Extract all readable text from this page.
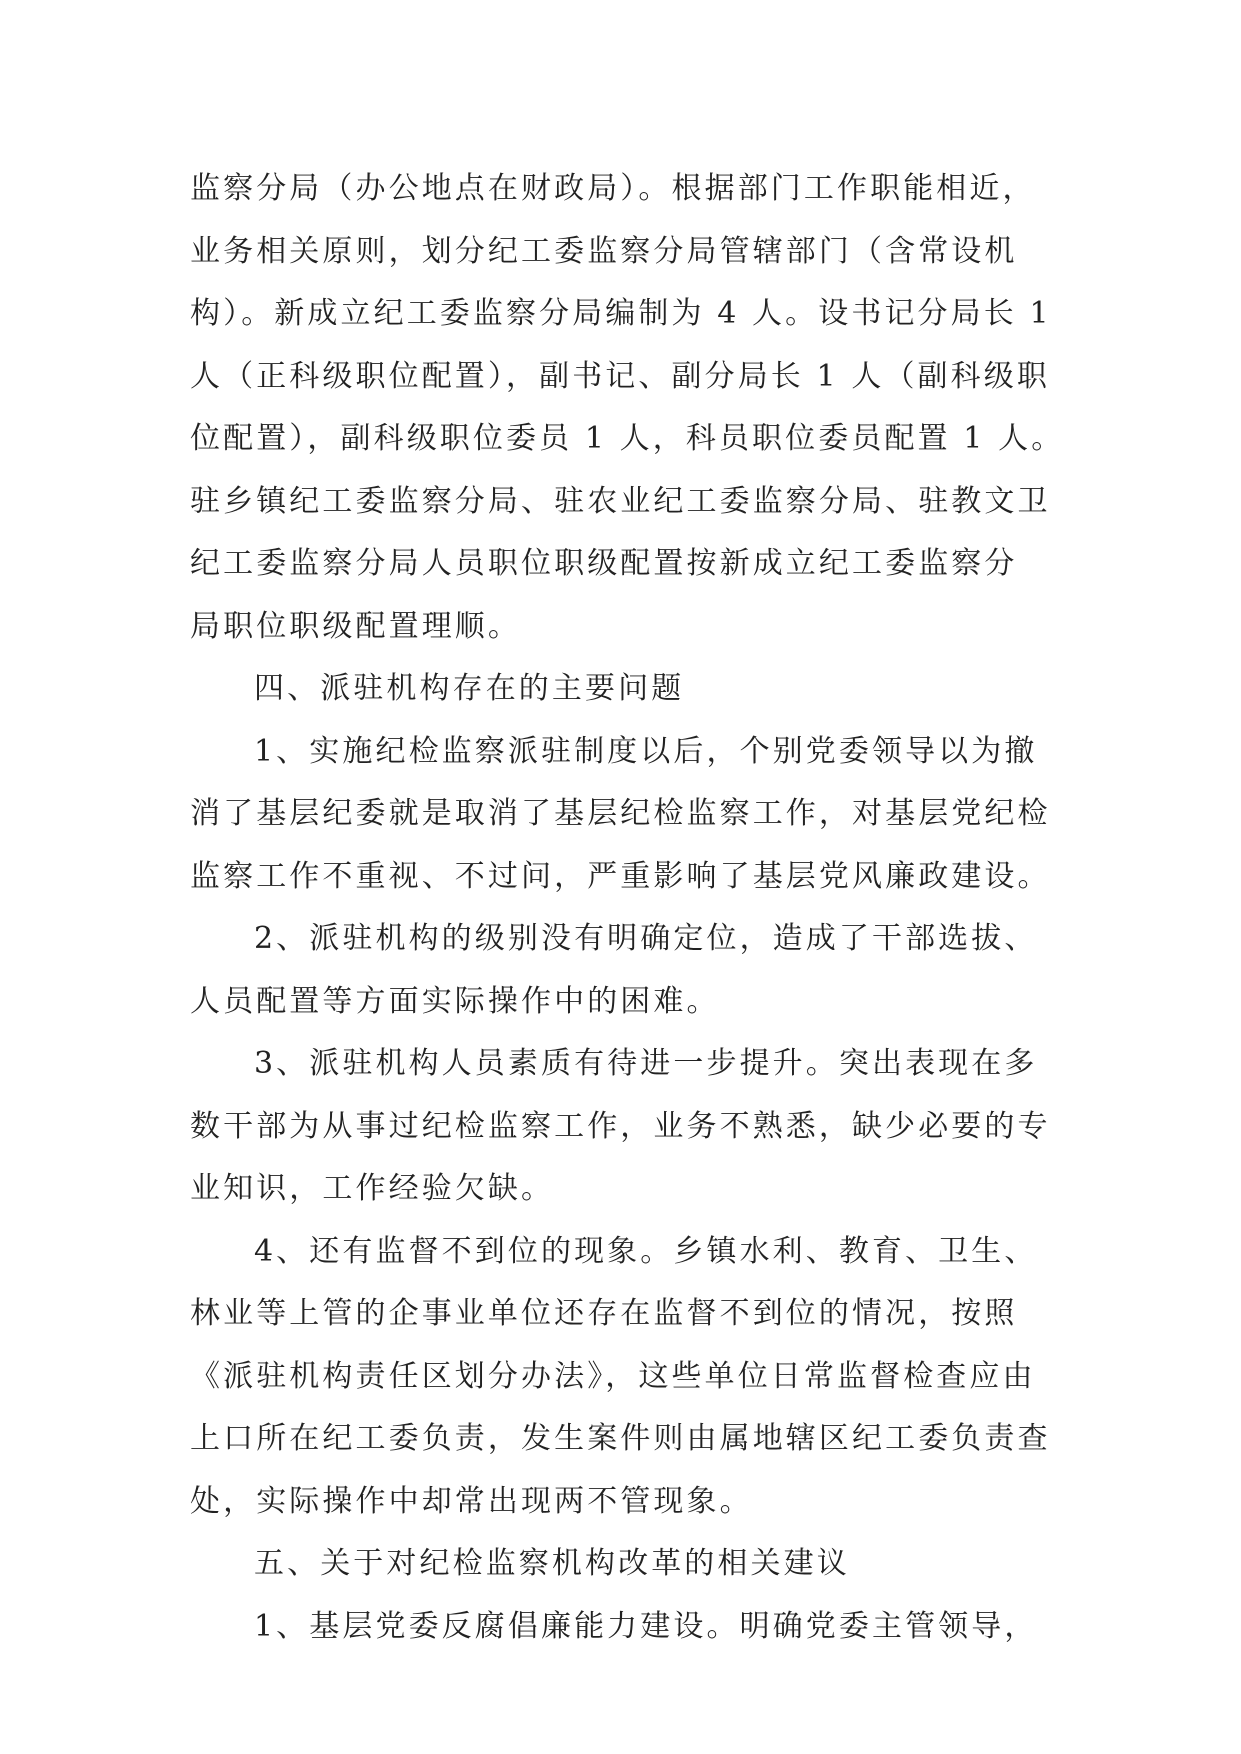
监察分局（办公地点在财政局）。根据部门工作职能相近，
业务相关原则，划分纪工委监察分局管辖部门（含常设机
构）。新成立纪工委监察分局编制为 4 人。设书记分局长 1
人（正科级职位配置），副书记、副分局长 1 人（副科级职
位配置），副科级职位委员 1 人，科员职位委员配置 1 人。
驻乡镇纪工委监察分局、驻农业纪工委监察分局、驻教文卫
纪工委监察分局人员职位职级配置按新成立纪工委监察分
局职位职级配置理顺。
四、派驻机构存在的主要问题
1、实施纪检监察派驻制度以后，个别党委领导以为撤
消了基层纪委就是取消了基层纪检监察工作，对基层党纪检
监察工作不重视、不过问，严重影响了基层党风廉政建设。
2、派驻机构的级别没有明确定位，造成了干部选拔、
人员配置等方面实际操作中的困难。
3、派驻机构人员素质有待进一步提升。突出表现在多
数干部为从事过纪检监察工作，业务不熟悉，缺少必要的专
业知识，工作经验欠缺。
4、还有监督不到位的现象。乡镇水利、教育、卫生、
林业等上管的企事业单位还存在监督不到位的情况，按照
《派驻机构责任区划分办法》，这些单位日常监督检查应由
上口所在纪工委负责，发生案件则由属地辖区纪工委负责查
处，实际操作中却常出现两不管现象。
五、关于对纪检监察机构改革的相关建议
1、基层党委反腐倡廉能力建设。明确党委主管领导，
